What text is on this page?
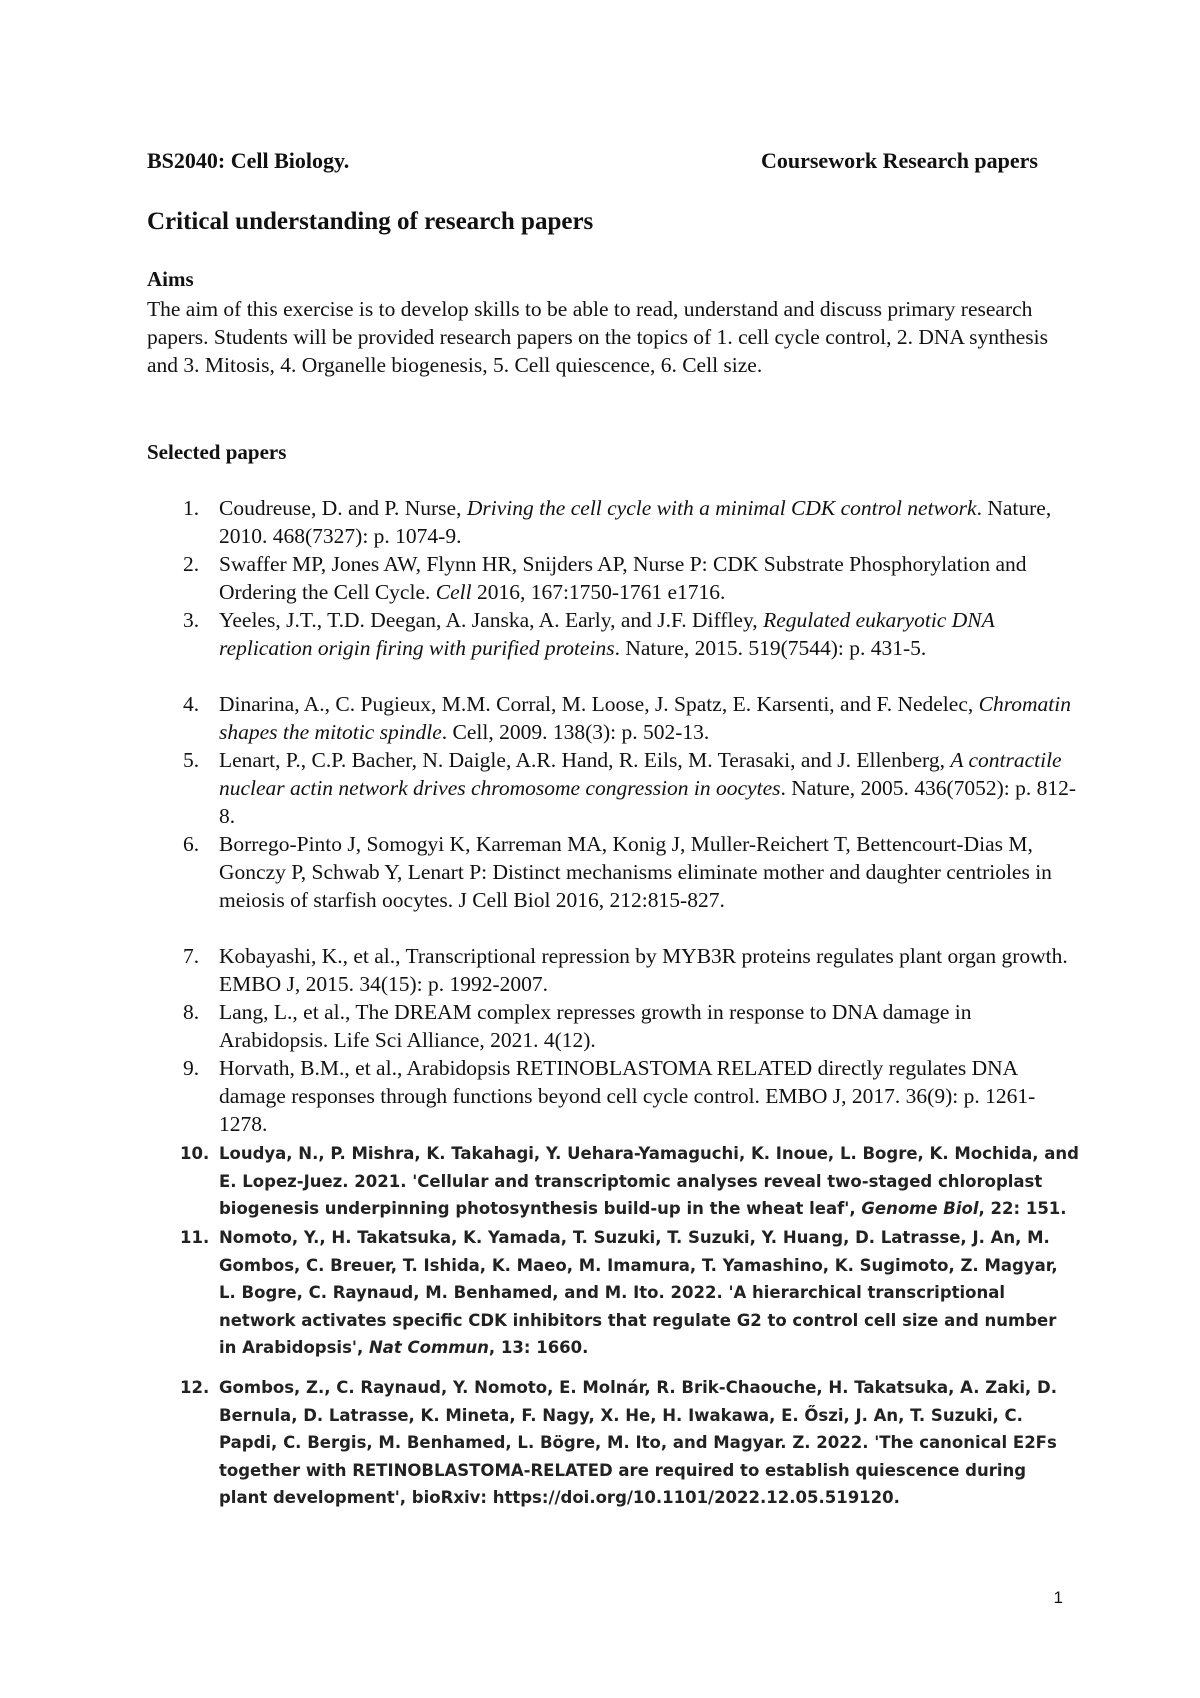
BS2040: Cell Biology.	Coursework Research papers
Critical understanding of research papers
Aims
The aim of this exercise is to develop skills to be able to read, understand and discuss primary research papers. Students will be provided research papers on the topics of 1. cell cycle control, 2. DNA synthesis and 3. Mitosis, 4. Organelle biogenesis, 5. Cell quiescence, 6. Cell size.
Selected papers
1. Coudreuse, D. and P. Nurse, Driving the cell cycle with a minimal CDK control network. Nature, 2010. 468(7327): p. 1074-9.
2. Swaffer MP, Jones AW, Flynn HR, Snijders AP, Nurse P: CDK Substrate Phosphorylation and Ordering the Cell Cycle. Cell 2016, 167:1750-1761 e1716.
3. Yeeles, J.T., T.D. Deegan, A. Janska, A. Early, and J.F. Diffley, Regulated eukaryotic DNA replication origin firing with purified proteins. Nature, 2015. 519(7544): p. 431-5.
4. Dinarina, A., C. Pugieux, M.M. Corral, M. Loose, J. Spatz, E. Karsenti, and F. Nedelec, Chromatin shapes the mitotic spindle. Cell, 2009. 138(3): p. 502-13.
5. Lenart, P., C.P. Bacher, N. Daigle, A.R. Hand, R. Eils, M. Terasaki, and J. Ellenberg, A contractile nuclear actin network drives chromosome congression in oocytes. Nature, 2005. 436(7052): p. 812-8.
6. Borrego-Pinto J, Somogyi K, Karreman MA, Konig J, Muller-Reichert T, Bettencourt-Dias M, Gonczy P, Schwab Y, Lenart P: Distinct mechanisms eliminate mother and daughter centrioles in meiosis of starfish oocytes. J Cell Biol 2016, 212:815-827.
7. Kobayashi, K., et al., Transcriptional repression by MYB3R proteins regulates plant organ growth. EMBO J, 2015. 34(15): p. 1992-2007.
8. Lang, L., et al., The DREAM complex represses growth in response to DNA damage in Arabidopsis. Life Sci Alliance, 2021. 4(12).
9. Horvath, B.M., et al., Arabidopsis RETINOBLASTOMA RELATED directly regulates DNA damage responses through functions beyond cell cycle control. EMBO J, 2017. 36(9): p. 1261-1278.
10. Loudya, N., P. Mishra, K. Takahagi, Y. Uehara-Yamaguchi, K. Inoue, L. Bogre, K. Mochida, and E. Lopez-Juez. 2021. 'Cellular and transcriptomic analyses reveal two-staged chloroplast biogenesis underpinning photosynthesis build-up in the wheat leaf', Genome Biol, 22: 151.
11. Nomoto, Y., H. Takatsuka, K. Yamada, T. Suzuki, T. Suzuki, Y. Huang, D. Latrasse, J. An, M. Gombos, C. Breuer, T. Ishida, K. Maeo, M. Imamura, T. Yamashino, K. Sugimoto, Z. Magyar, L. Bogre, C. Raynaud, M. Benhamed, and M. Ito. 2022. 'A hierarchical transcriptional network activates specific CDK inhibitors that regulate G2 to control cell size and number in Arabidopsis', Nat Commun, 13: 1660.
12. Gombos, Z., C. Raynaud, Y. Nomoto, E. Molnár, R. Brik-Chaouche, H. Takatsuka, A. Zaki, D. Bernula, D. Latrasse, K. Mineta, F. Nagy, X. He, H. Iwakawa, E. Őszi, J. An, T. Suzuki, C. Papdi, C. Bergis, M. Benhamed, L. Bögre, M. Ito, and Magyar. Z. 2022. 'The canonical E2Fs together with RETINOBLASTOMA-RELATED are required to establish quiescence during plant development', bioRxiv: https://doi.org/10.1101/2022.12.05.519120.
1
